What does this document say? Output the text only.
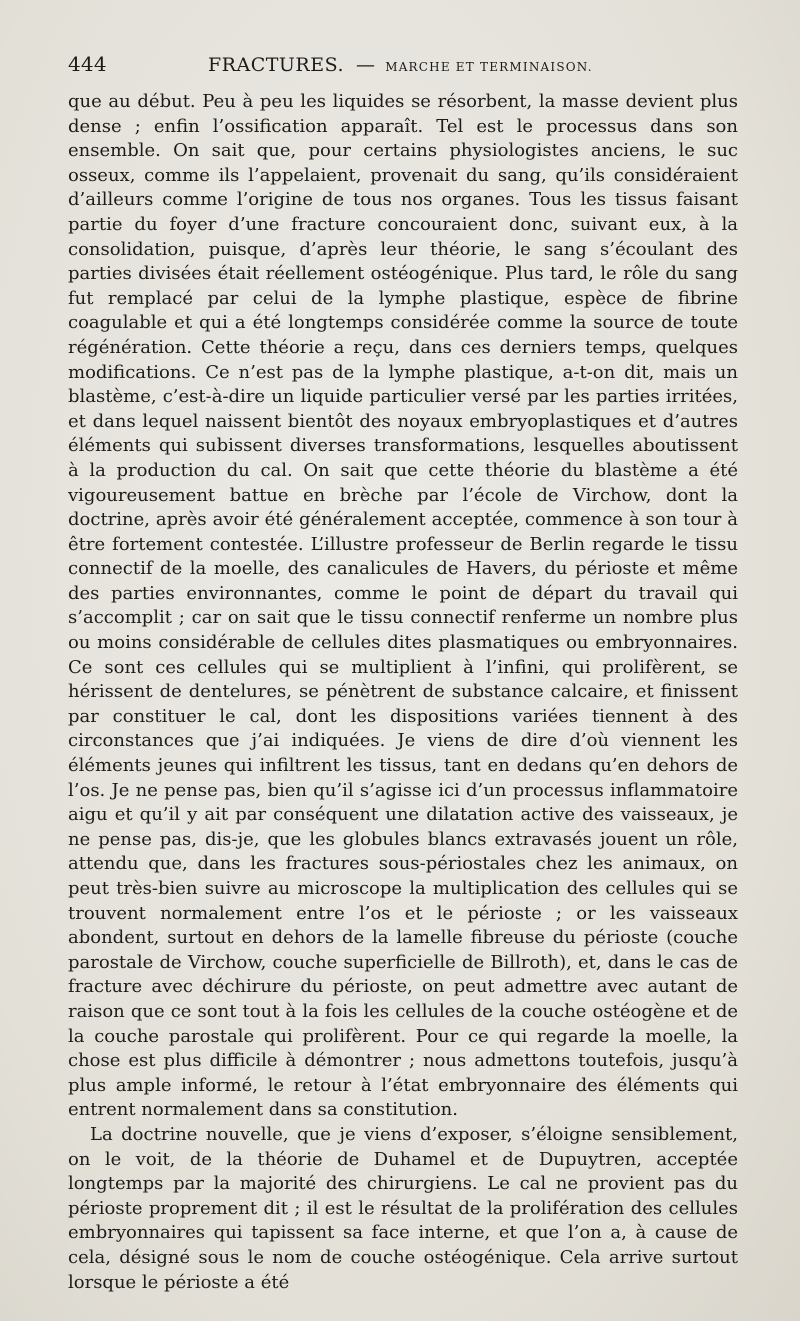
444	FRACTURES. — MARCHE ET TERMINAISON.

que au début. Peu à peu les liquides se résorbent, la masse devient plus dense ; enfin l’ossification apparaît. Tel est le processus dans son ensemble. On sait que, pour certains physiologistes anciens, le suc osseux, comme ils l’appelaient, provenait du sang, qu’ils considéraient d’ailleurs comme l’origine de tous nos organes. Tous les tissus faisant partie du foyer d’une fracture concouraient donc, suivant eux, à la consolidation, puisque, d’après leur théorie, le sang s’écoulant des parties divisées était réellement ostéogénique. Plus tard, le rôle du sang fut remplacé par celui de la lymphe plastique, espèce de fibrine coagulable et qui a été longtemps considérée comme la source de toute régénération. Cette théorie a reçu, dans ces derniers temps, quelques modifications. Ce n’est pas de la lymphe plastique, a-t-on dit, mais un blastème, c’est-à-dire un liquide particulier versé par les parties irritées, et dans lequel naissent bientôt des noyaux embryoplastiques et d’autres éléments qui subissent diverses transformations, lesquelles aboutissent à la production du cal. On sait que cette théorie du blastème a été vigoureusement battue en brèche par l’école de Virchow, dont la doctrine, après avoir été généralement acceptée, commence à son tour à être fortement contestée. L’illustre professeur de Berlin regarde le tissu connectif de la moelle, des canalicules de Havers, du périoste et même des parties environnantes, comme le point de départ du travail qui s’accomplit ; car on sait que le tissu connectif renferme un nombre plus ou moins considérable de cellules dites plasmatiques ou embryonnaires. Ce sont ces cellules qui se multiplient à l’infini, qui prolifèrent, se hérissent de dentelures, se pénètrent de substance calcaire, et finissent par constituer le cal, dont les dispositions variées tiennent à des circonstances que j’ai indiquées. Je viens de dire d’où viennent les éléments jeunes qui infiltrent les tissus, tant en dedans qu’en dehors de l’os. Je ne pense pas, bien qu’il s’agisse ici d’un processus inflammatoire aigu et qu’il y ait par conséquent une dilatation active des vaisseaux, je ne pense pas, dis-je, que les globules blancs extravasés jouent un rôle, attendu que, dans les fractures sous-périostales chez les animaux, on peut très-bien suivre au microscope la multiplication des cellules qui se trouvent normalement entre l’os et le périoste ; or les vaisseaux abondent, surtout en dehors de la lamelle fibreuse du périoste (couche parostale de Virchow, couche superficielle de Billroth), et, dans le cas de fracture avec déchirure du périoste, on peut admettre avec autant de raison que ce sont tout à la fois les cellules de la couche ostéogène et de la couche parostale qui prolifèrent. Pour ce qui regarde la moelle, la chose est plus difficile à démontrer ; nous admettons toutefois, jusqu’à plus ample informé, le retour à l’état embryonnaire des éléments qui entrent normalement dans sa constitution.

La doctrine nouvelle, que je viens d’exposer, s’éloigne sensiblement, on le voit, de la théorie de Duhamel et de Dupuytren, acceptée longtemps par la majorité des chirurgiens. Le cal ne provient pas du périoste proprement dit ; il est le résultat de la prolifération des cellules embryonnaires qui tapissent sa face interne, et que l’on a, à cause de cela, désigné sous le nom de couche ostéogénique. Cela arrive surtout lorsque le périoste a été
